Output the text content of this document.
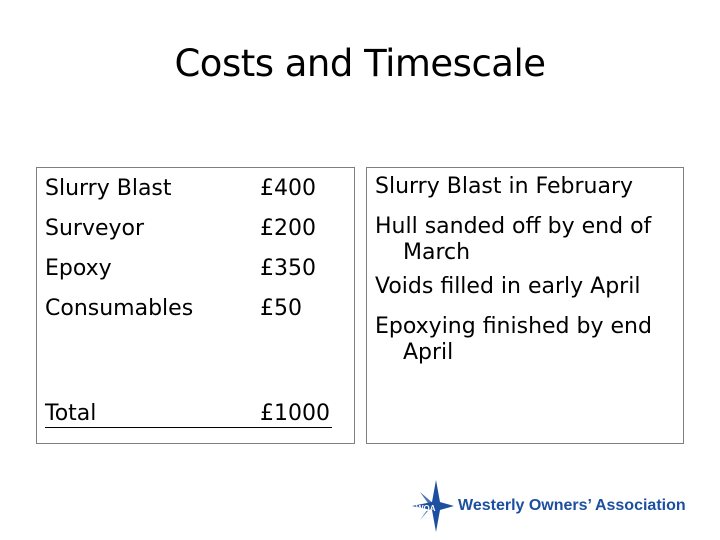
Costs and Timescale
Slurry Blast	£400
Surveyor	£200
Epoxy	£350
Consumables	£50
Total	£1000

Slurry Blast in February

Hull sanded off by end of March

Voids filled in early April

Epoxying finished by end April

WOA Westerly Owners’ Association
